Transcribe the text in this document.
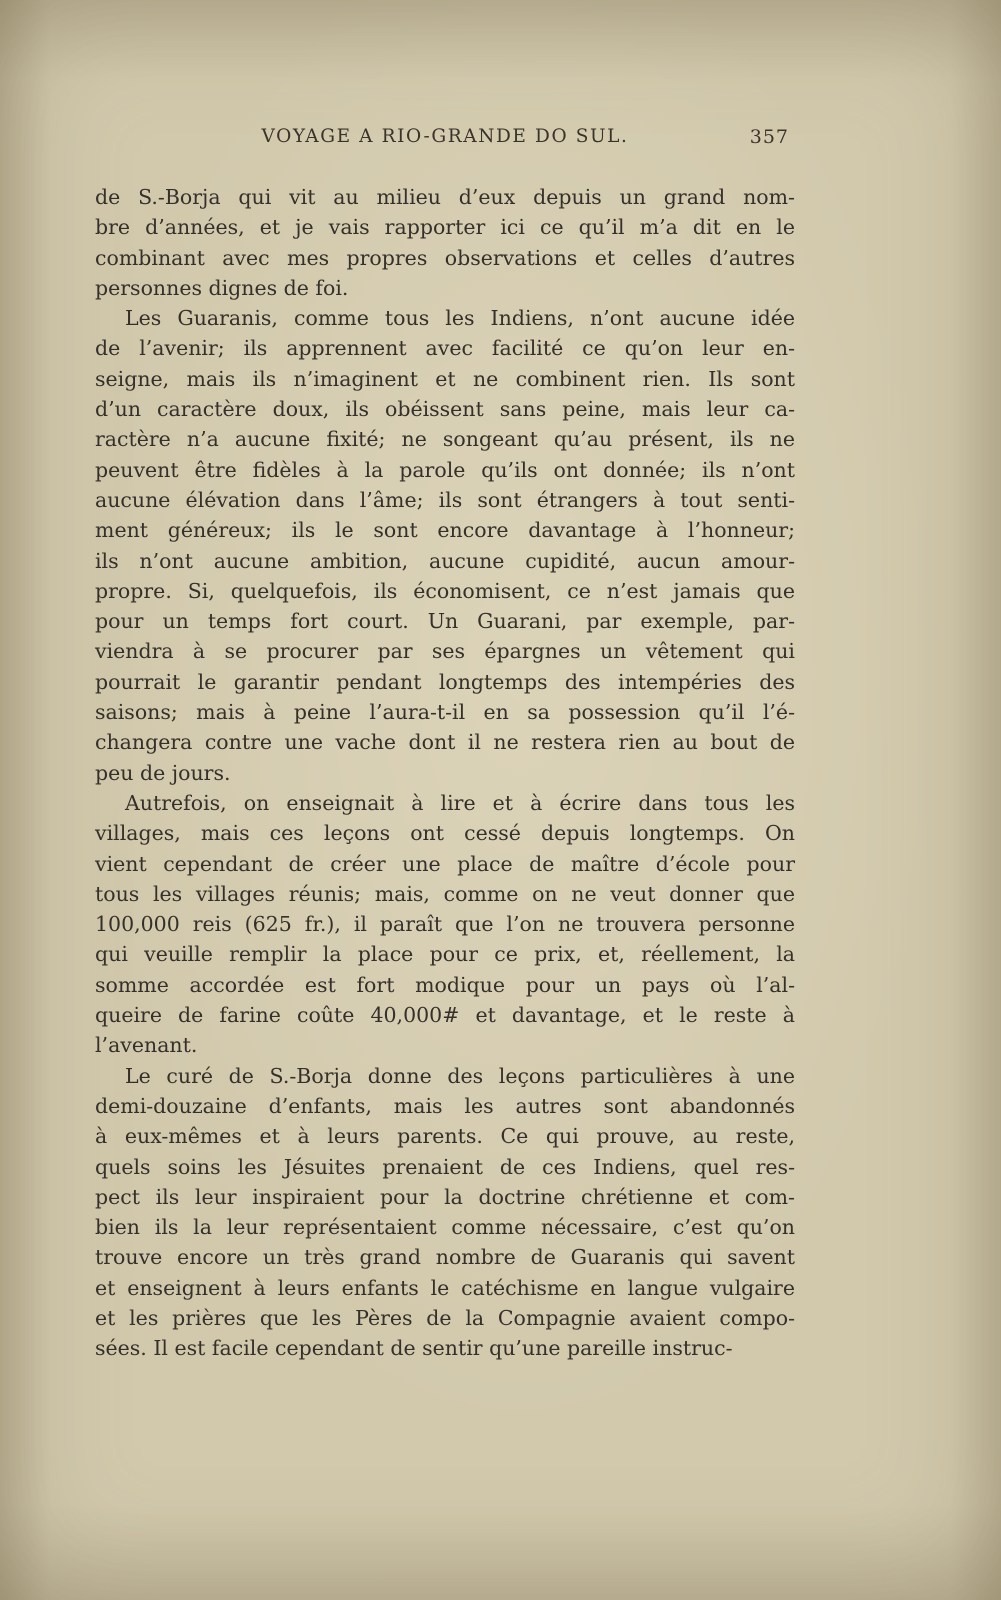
VOYAGE A RIO-GRANDE DO SUL.	357
de S.-Borja qui vit au milieu d’eux depuis un grand nom-
bre d’années, et je vais rapporter ici ce qu’il m’a dit en le
combinant avec mes propres observations et celles d’autres
personnes dignes de foi.
Les Guaranis, comme tous les Indiens, n’ont aucune idée
de l’avenir; ils apprennent avec facilité ce qu’on leur en-
seigne, mais ils n’imaginent et ne combinent rien. Ils sont
d’un caractère doux, ils obéissent sans peine, mais leur ca-
ractère n’a aucune fixité; ne songeant qu’au présent, ils ne
peuvent être fidèles à la parole qu’ils ont donnée; ils n’ont
aucune élévation dans l’âme; ils sont étrangers à tout senti-
ment généreux; ils le sont encore davantage à l’honneur;
ils n’ont aucune ambition, aucune cupidité, aucun amour-
propre. Si, quelquefois, ils économisent, ce n’est jamais que
pour un temps fort court. Un Guarani, par exemple, par-
viendra à se procurer par ses épargnes un vêtement qui
pourrait le garantir pendant longtemps des intempéries des
saisons; mais à peine l’aura-t-il en sa possession qu’il l’é-
changera contre une vache dont il ne restera rien au bout de
peu de jours.
Autrefois, on enseignait à lire et à écrire dans tous les
villages, mais ces leçons ont cessé depuis longtemps. On
vient cependant de créer une place de maître d’école pour
tous les villages réunis; mais, comme on ne veut donner que
100,000 reis (625 fr.), il paraît que l’on ne trouvera personne
qui veuille remplir la place pour ce prix, et, réellement, la
somme accordée est fort modique pour un pays où l’al-
queire de farine coûte 40,000# et davantage, et le reste à
l’avenant.
Le curé de S.-Borja donne des leçons particulières à une
demi-douzaine d’enfants, mais les autres sont abandonnés
à eux-mêmes et à leurs parents. Ce qui prouve, au reste,
quels soins les Jésuites prenaient de ces Indiens, quel res-
pect ils leur inspiraient pour la doctrine chrétienne et com-
bien ils la leur représentaient comme nécessaire, c’est qu’on
trouve encore un très grand nombre de Guaranis qui savent
et enseignent à leurs enfants le catéchisme en langue vulgaire
et les prières que les Pères de la Compagnie avaient compo-
sées. Il est facile cependant de sentir qu’une pareille instruc-
